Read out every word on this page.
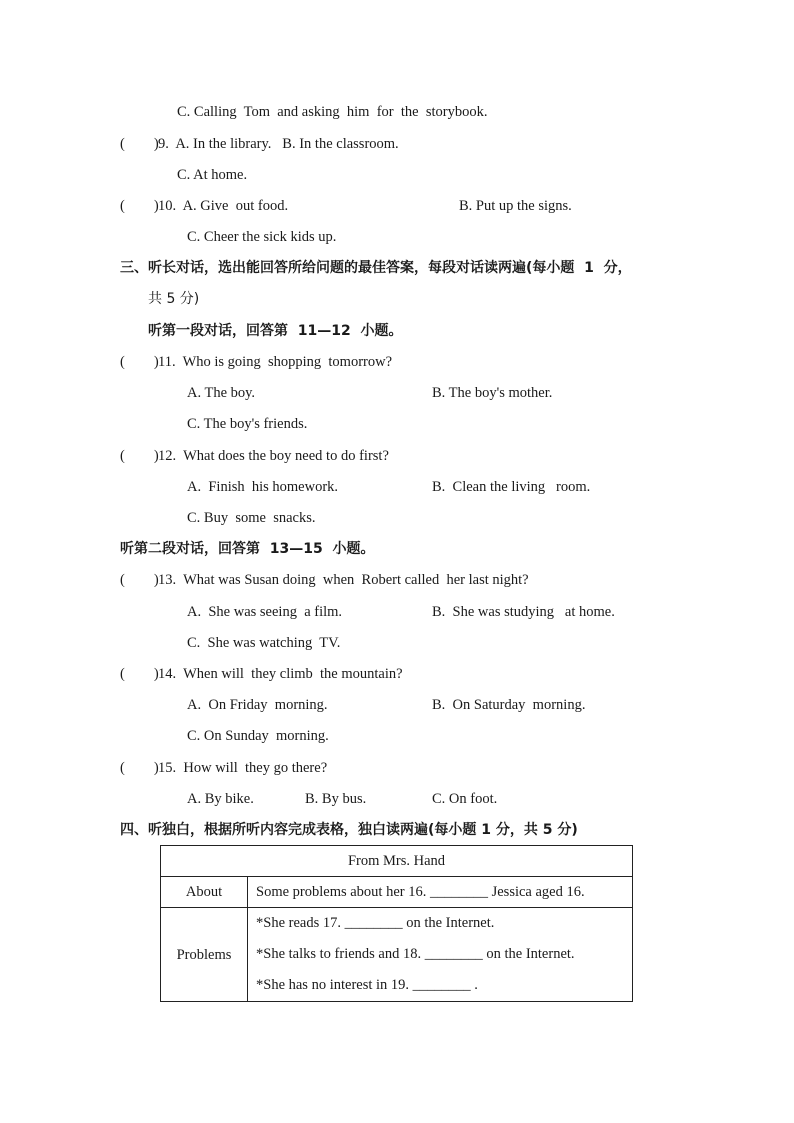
C. Calling  Tom  and asking  him  for  the  storybook.
(        ) 9.  A. In the library.   B. In the classroom.
C. At home.
(        ) 10.  A. Give  out food.	B. Put up the signs.
C. Cheer the sick kids up.
三、听长对话，选出能回答所给问题的最佳答案，每段对话读两遍(每小题  1  分，
共 5 分)
听第一段对话，回答第  11—12  小题。
(        ) 11.  Who is going  shopping  tomorrow?
A. The boy.	B. The boy's mother.
C. The boy's friends.
(        ) 12.  What does the boy need to do first?
A.  Finish  his homework.	B.  Clean the living   room.
C. Buy  some  snacks.
听第二段对话，回答第  13—15  小题。
(        ) 13.  What was Susan doing  when  Robert called  her last night?
A.  She was seeing  a film.	B.  She was studying   at home.
C.  She was watching  TV.
(        ) 14.  When will  they climb  the mountain?
A.  On Friday  morning.	B.  On Saturday  morning.
C. On Sunday  morning.
(        ) 15.  How will  they go there?
A. By bike.	B. By bus.	C. On foot.
四、听独白，根据所听内容完成表格，独白读两遍(每小题 1 分，共 5 分)
From Mrs. Hand	
About	Some problems about her 16. ________ Jessica aged 16.
Problems	*She reads 17. ________ on the Internet.
*She talks to friends and 18. ________ on the Internet.
*She has no interest in 19. ________ .
